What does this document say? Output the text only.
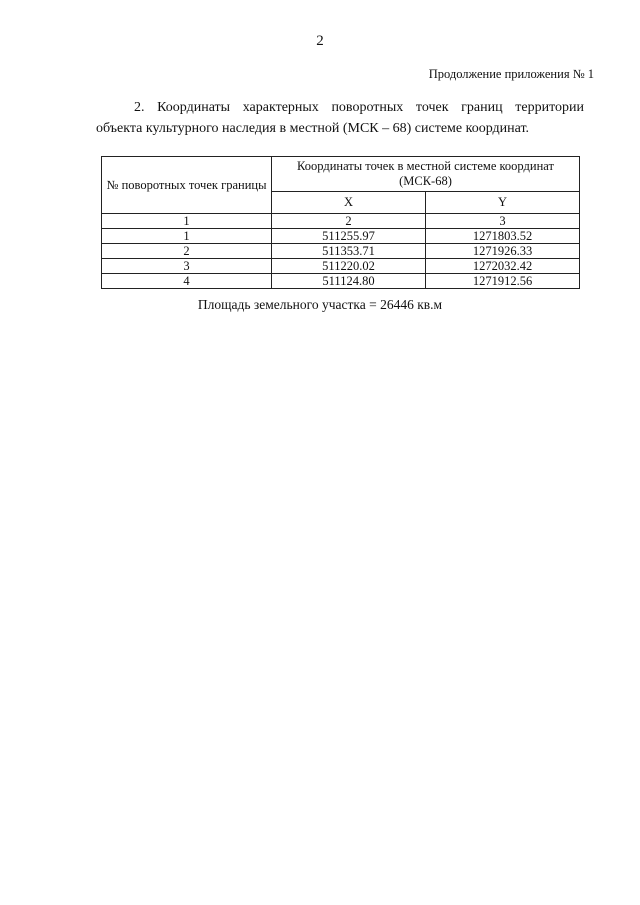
2
Продолжение приложения № 1
2. Координаты характерных поворотных точек границ территории
объекта культурного наследия в местной (МСК – 68) системе координат.
№ поворотных точек границы	Координаты точек в местной системе координат (МСК-68)	
	X	Y
1	2	3
1	511255.97	1271803.52
2	511353.71	1271926.33
3	511220.02	1272032.42
4	511124.80	1271912.56
Площадь земельного участка = 26446 кв.м
